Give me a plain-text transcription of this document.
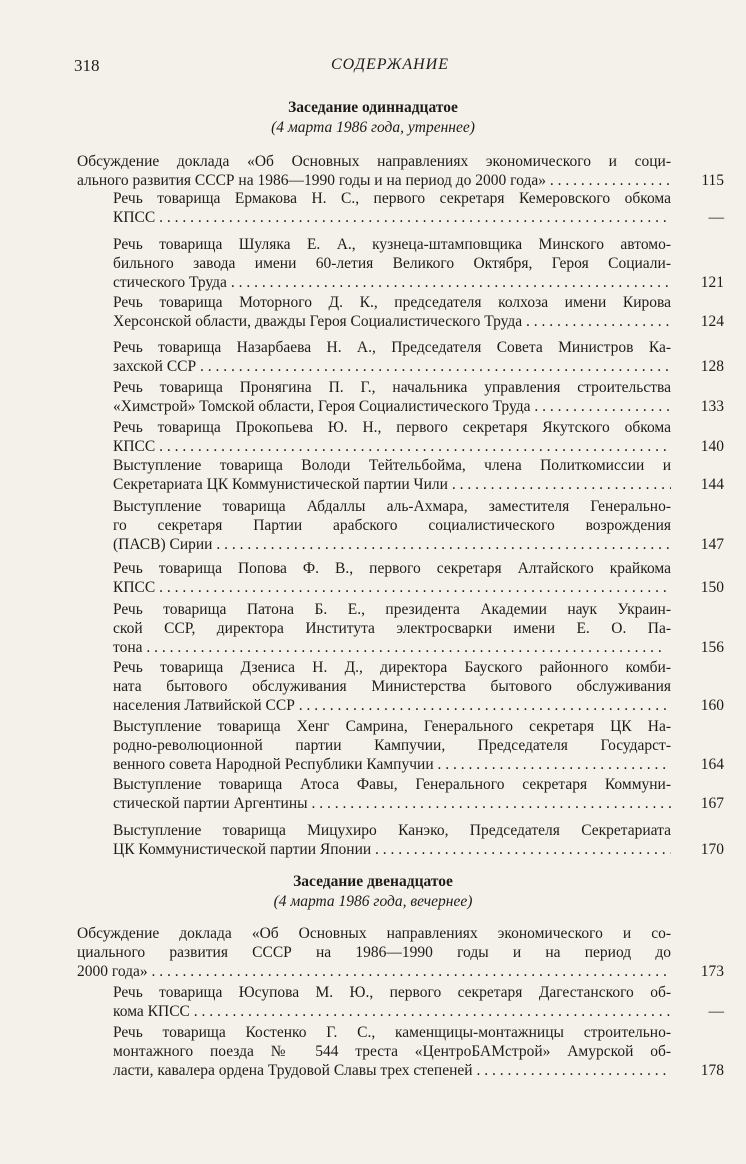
318	СОДЕРЖАНИЕ
Заседание одиннадцатое
(4 марта 1986 года, утреннее)
Обсуждение доклада «Об Основных направлениях экономического и соци-
ального развития СССР на 1986—1990 годы и на период до 2000 года» . . .	115
Речь товарища Ермакова Н. С., первого секретаря Кемеровского обкома
КПСС . . .	—
Речь товарища Шуляка Е. А., кузнеца-штамповщика Минского автомо-
бильного завода имени 60-летия Великого Октября, Героя Социали-
стического Труда . . .	121
Речь товарища Моторного Д. К., председателя колхоза имени Кирова
Херсонской области, дважды Героя Социалистического Труда . . .	124
Речь товарища Назарбаева Н. А., Председателя Совета Министров Ка-
захской ССР . . .	128
Речь товарища Пронягина П. Г., начальника управления строительства
«Химстрой» Томской области, Героя Социалистического Труда . . .	133
Речь товарища Прокопьева Ю. Н., первого секретаря Якутского обкома
КПСС . . .	140
Выступление товарища Володи Тейтельбойма, члена Политкомиссии и
Секретариата ЦК Коммунистической партии Чили . . .	144
Выступление товарища Абдаллы аль-Ахмара, заместителя Генерально-
го секретаря Партии арабского социалистического возрождения
(ПАСВ) Сирии . . .	147
Речь товарища Попова Ф. В., первого секретаря Алтайского крайкома
КПСС . . .	150
Речь товарища Патона Б. Е., президента Академии наук Украин-
ской ССР, директора Института электросварки имени Е. О. Па-
тона . . .	156
Речь товарища Дзениса Н. Д., директора Бауского районного комби-
ната бытового обслуживания Министерства бытового обслуживания
населения Латвийской ССР . . .	160
Выступление товарища Хенг Самрина, Генерального секретаря ЦК На-
родно-революционной партии Кампучии, Председателя Государст-
венного совета Народной Республики Кампучии . . .	164
Выступление товарища Атоса Фавы, Генерального секретаря Коммуни-
стической партии Аргентины . . .	167
Выступление товарища Мицухиро Канэко, Председателя Секретариата
ЦК Коммунистической партии Японии . . .	170
Заседание двенадцатое
(4 марта 1986 года, вечернее)
Обсуждение доклада «Об Основных направлениях экономического и со-
циального развития СССР на 1986—1990 годы и на период до
2000 года» . . .	173
Речь товарища Юсупова М. Ю., первого секретаря Дагестанского об-
кома КПСС . . .	—
Речь товарища Костенко Г. С., каменщицы-монтажницы строительно-
монтажного поезда № 544 треста «ЦентроБАМстрой» Амурской об-
ласти, кавалера ордена Трудовой Славы трех степеней . . .	178
